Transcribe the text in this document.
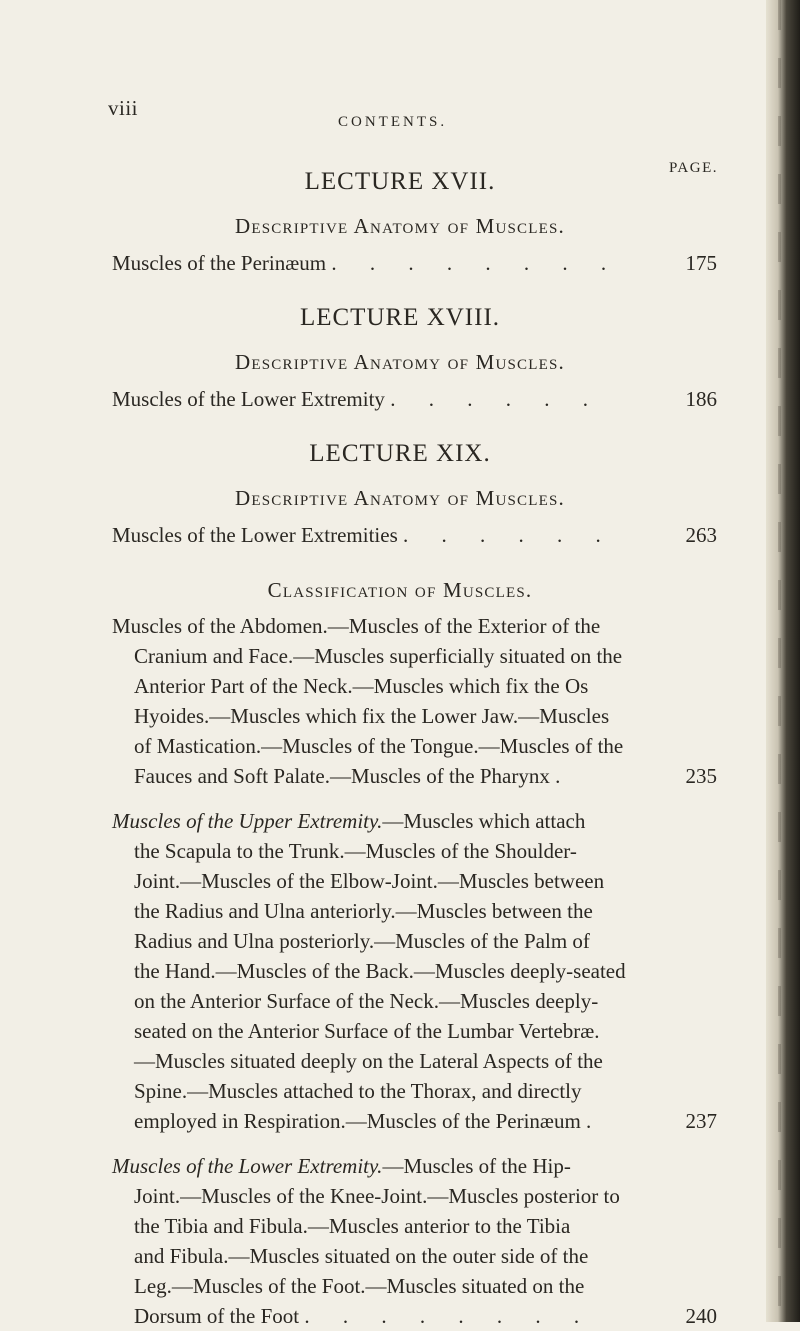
viii
CONTENTS.
PAGE.
LECTURE XVII.
Descriptive Anatomy of Muscles.
Muscles of the Perinæum . . . . . . . .	175
LECTURE XVIII.
Descriptive Anatomy of Muscles.
Muscles of the Lower Extremity . . . . . .	186
LECTURE XIX.
Descriptive Anatomy of Muscles.
Muscles of the Lower Extremities . . . . . .	263
Classification of Muscles.
Muscles of the Abdomen.—Muscles of the Exterior of the
Cranium and Face.—Muscles superficially situated on the
Anterior Part of the Neck.—Muscles which fix the Os
Hyoides.—Muscles which fix the Lower Jaw.—Muscles
of Mastication.—Muscles of the Tongue.—Muscles of the
Fauces and Soft Palate.—Muscles of the Pharynx .	235
Muscles of the Upper Extremity.—Muscles which attach
the Scapula to the Trunk.—Muscles of the Shoulder-
Joint.—Muscles of the Elbow-Joint.—Muscles between
the Radius and Ulna anteriorly.—Muscles between the
Radius and Ulna posteriorly.—Muscles of the Palm of
the Hand.—Muscles of the Back.—Muscles deeply-seated
on the Anterior Surface of the Neck.—Muscles deeply-
seated on the Anterior Surface of the Lumbar Vertebræ.
—Muscles situated deeply on the Lateral Aspects of the
Spine.—Muscles attached to the Thorax, and directly
employed in Respiration.—Muscles of the Perinæum .	237
Muscles of the Lower Extremity.—Muscles of the Hip-
Joint.—Muscles of the Knee-Joint.—Muscles posterior to
the Tibia and Fibula.—Muscles anterior to the Tibia
and Fibula.—Muscles situated on the outer side of the
Leg.—Muscles of the Foot.—Muscles situated on the
Dorsum of the Foot . . . . . . . .	240
